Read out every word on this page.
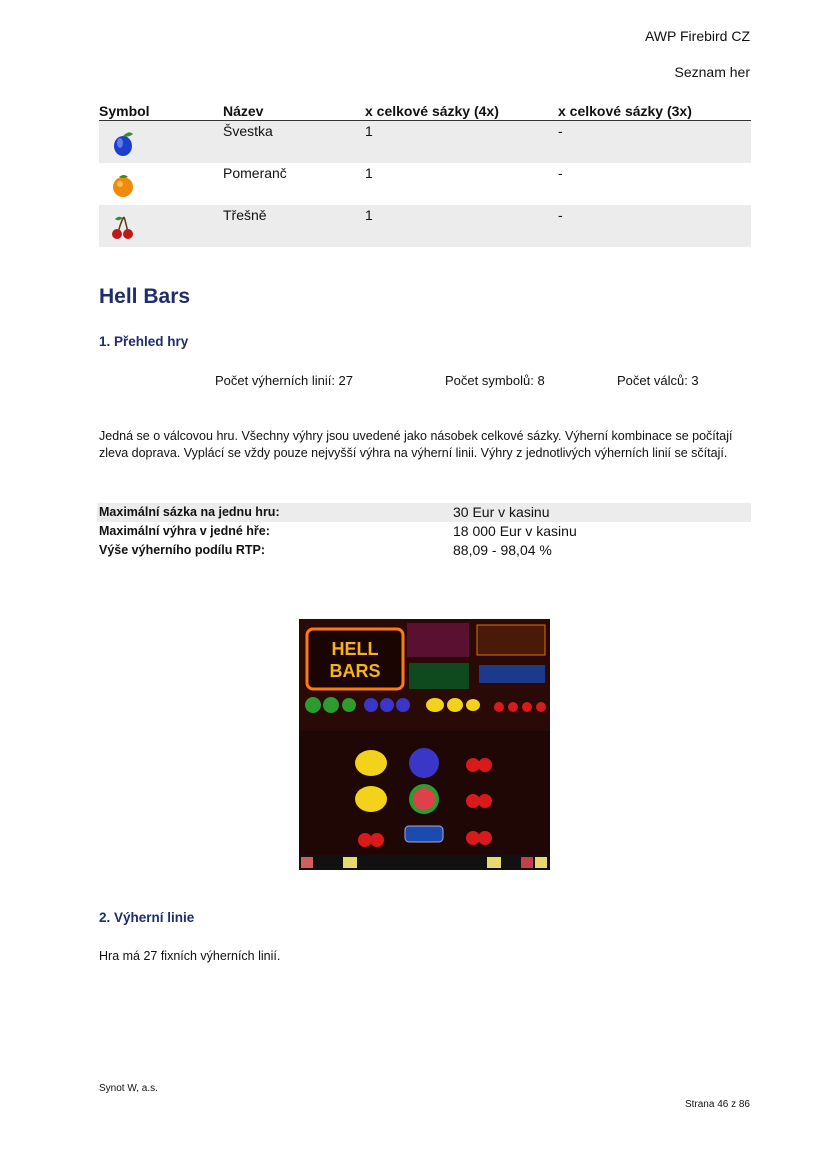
AWP Firebird CZ
Seznam her
Symbol	Název	x celkové sázky (4x)	x celkové sázky (3x)
	Švestka	1	-
	Pomeranč	1	-
	Třešně	1	-
Hell Bars
1. Přehled hry
Počet výherních linií: 27	Počet symbolů: 8	Počet válců: 3
Jedná se o válcovou hru. Všechny výhry jsou uvedené jako násobek celkové sázky. Výherní kombinace se počítají zleva doprava. Vyplácí se vždy pouze nejvyšší výhra na výherní linii. Výhry z jednotlivých výherních linií se sčítají.
Maximální sázka na jednu hru:	30 Eur v kasinu
Maximální výhra v jedné hře:	18 000 Eur v kasinu
Výše výherního podílu RTP:	88,09 - 98,04 %
HELL
BARS
2. Výherní linie
Hra má 27 fixních výherních linií.
Synot W, a.s.
Strana 46 z 86
